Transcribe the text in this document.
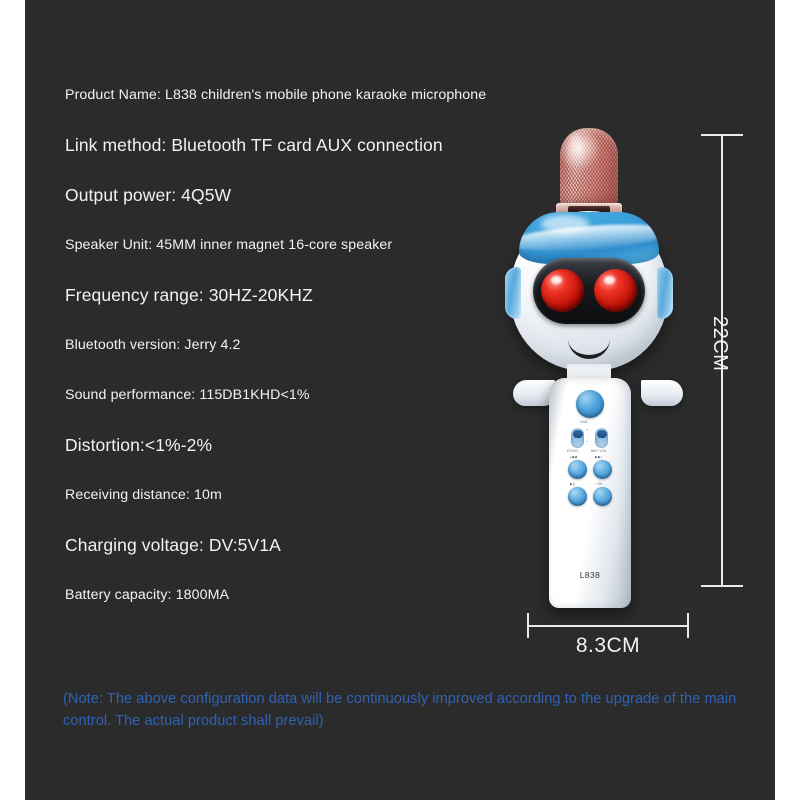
Product Name: L838 children's mobile phone karaoke microphone
Link method: Bluetooth TF card AUX connection
Output power: 4Q5W
Speaker Unit: 45MM inner magnet 16-core speaker
Frequency range: 30HZ-20KHZ
Bluetooth version: Jerry 4.2
Sound performance: 115DB1KHD<1%
Distortion:<1%-2%
Receiving distance: 10m
Charging voltage: DV:5V1A
Battery capacity: 1800MA
(Note: The above configuration data will be continuously improved according to the upgrade of the main control. The actual product shall prevail)
O/M
+
−
ECHO	MIC VOL
|◀◀	▶▶|
▶||	♪ M↓
L838
22CM
8.3CM
